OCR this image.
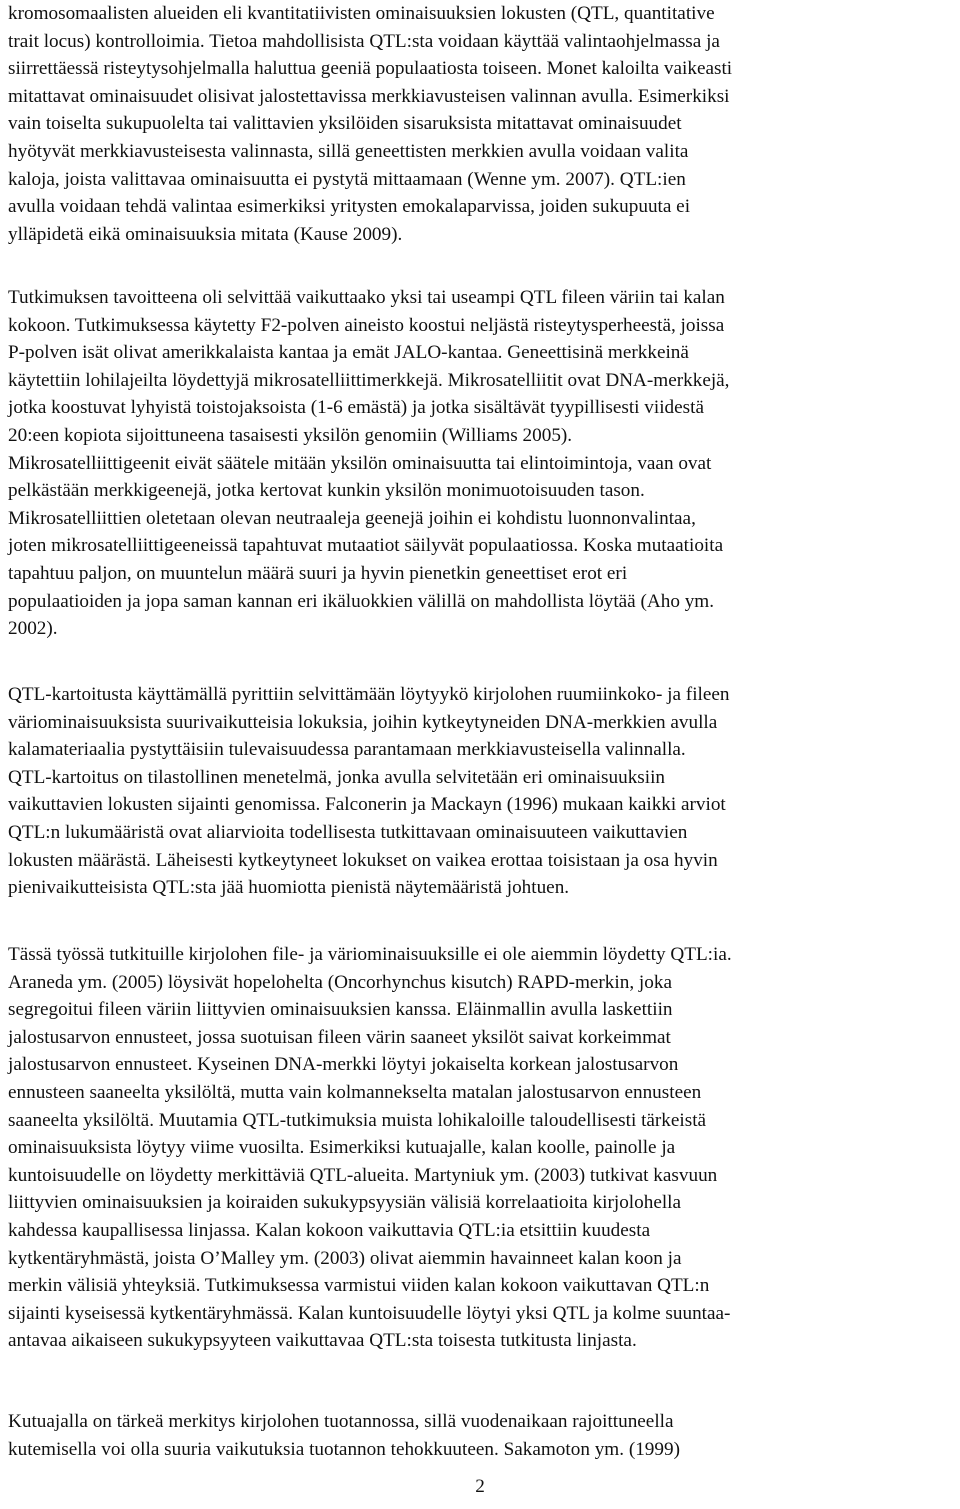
kromosomaalisten alueiden eli kvantitatiivisten ominaisuuksien lokusten (QTL, quantitative
trait locus) kontrolloimia. Tietoa mahdollisista QTL:sta voidaan käyttää valintaohjelmassa ja
siirrettäessä risteytysohjelmalla haluttua geeniä populaatiosta toiseen. Monet kaloilta vaikeasti
mitattavat ominaisuudet olisivat jalostettavissa merkkiavusteisen valinnan avulla. Esimerkiksi
vain toiselta sukupuolelta tai valittavien yksilöiden sisaruksista mitattavat ominaisuudet
hyötyvät merkkiavusteisesta valinnasta, sillä geneettisten merkkien avulla voidaan valita
kaloja, joista valittavaa ominaisuutta ei pystytä mittaamaan (Wenne ym. 2007). QTL:ien
avulla voidaan tehdä valintaa esimerkiksi yritysten emokalaparvissa, joiden sukupuuta ei
ylläpidetä eikä ominaisuuksia mitata (Kause 2009).
Tutkimuksen tavoitteena oli selvittää vaikuttaako yksi tai useampi QTL fileen väriin tai kalan
kokoon. Tutkimuksessa käytetty F2-polven aineisto koostui neljästä risteytysperheestä, joissa
P-polven isät olivat amerikkalaista kantaa ja emät JALO-kantaa. Geneettisinä merkkeinä
käytettiin lohilajeilta löydettyjä mikrosatelliittimerkkejä. Mikrosatelliitit ovat DNA-merkkejä,
jotka koostuvat lyhyistä toistojaksoista (1-6 emästä) ja jotka sisältävät tyypillisesti viidestä
20:een kopiota sijoittuneena tasaisesti yksilön genomiin (Williams 2005).
Mikrosatelliittigeenit eivät säätele mitään yksilön ominaisuutta tai elintoimintoja, vaan ovat
pelkästään merkkigeenejä, jotka kertovat kunkin yksilön monimuotoisuuden tason.
Mikrosatelliittien oletetaan olevan neutraaleja geenejä joihin ei kohdistu luonnonvalintaa,
joten mikrosatelliittigeeneissä tapahtuvat mutaatiot säilyvät populaatiossa. Koska mutaatioita
tapahtuu paljon, on muuntelun määrä suuri ja hyvin pienetkin geneettiset erot eri
populaatioiden ja jopa saman kannan eri ikäluokkien välillä on mahdollista löytää (Aho ym.
2002).
QTL-kartoitusta käyttämällä pyrittiin selvittämään löytyykö kirjolohen ruumiinkoko- ja fileen
väriominaisuuksista suurivaikutteisia lokuksia, joihin kytkeytyneiden DNA-merkkien avulla
kalamateriaalia pystyttäisiin tulevaisuudessa parantamaan merkkiavusteisella valinnalla.
QTL-kartoitus on tilastollinen menetelmä, jonka avulla selvitetään eri ominaisuuksiin
vaikuttavien lokusten sijainti genomissa. Falconerin ja Mackayn (1996) mukaan kaikki arviot
QTL:n lukumääristä ovat aliarvioita todellisesta tutkittavaan ominaisuuteen vaikuttavien
lokusten määrästä. Läheisesti kytkeytyneet lokukset on vaikea erottaa toisistaan ja osa hyvin
pienivaikutteisista QTL:sta jää huomiotta pienistä näytemääristä johtuen.
Tässä työssä tutkituille kirjolohen file- ja väriominaisuuksille ei ole aiemmin löydetty QTL:ia.
Araneda ym. (2005) löysivät hopelohelta (Oncorhynchus kisutch) RAPD-merkin, joka
segregoitui fileen väriin liittyvien ominaisuuksien kanssa. Eläinmallin avulla laskettiin
jalostusarvon ennusteet, jossa suotuisan fileen värin saaneet yksilöt saivat korkeimmat
jalostusarvon ennusteet. Kyseinen DNA-merkki löytyi jokaiselta korkean jalostusarvon
ennusteen saaneelta yksilöltä, mutta vain kolmannekselta matalan jalostusarvon ennusteen
saaneelta yksilöltä. Muutamia QTL-tutkimuksia muista lohikaloille taloudellisesti tärkeistä
ominaisuuksista löytyy viime vuosilta. Esimerkiksi kutuajalle, kalan koolle, painolle ja
kuntoisuudelle on löydetty merkittäviä QTL-alueita. Martyniuk ym. (2003) tutkivat kasvuun
liittyvien ominaisuuksien ja koiraiden sukukypsyysiän välisiä korrelaatioita kirjolohella
kahdessa kaupallisessa linjassa. Kalan kokoon vaikuttavia QTL:ia etsittiin kuudesta
kytkentäryhmästä, joista O’Malley ym. (2003) olivat aiemmin havainneet kalan koon ja
merkin välisiä yhteyksiä. Tutkimuksessa varmistui viiden kalan kokoon vaikuttavan QTL:n
sijainti kyseisessä kytkentäryhmässä. Kalan kuntoisuudelle löytyi yksi QTL ja kolme suuntaa-
antavaa aikaiseen sukukypsyyteen vaikuttavaa QTL:sta toisesta tutkitusta linjasta.
Kutuajalla on tärkeä merkitys kirjolohen tuotannossa, sillä vuodenaikaan rajoittuneella
kutemisella voi olla suuria vaikutuksia tuotannon tehokkuuteen. Sakamoton ym. (1999)
2
